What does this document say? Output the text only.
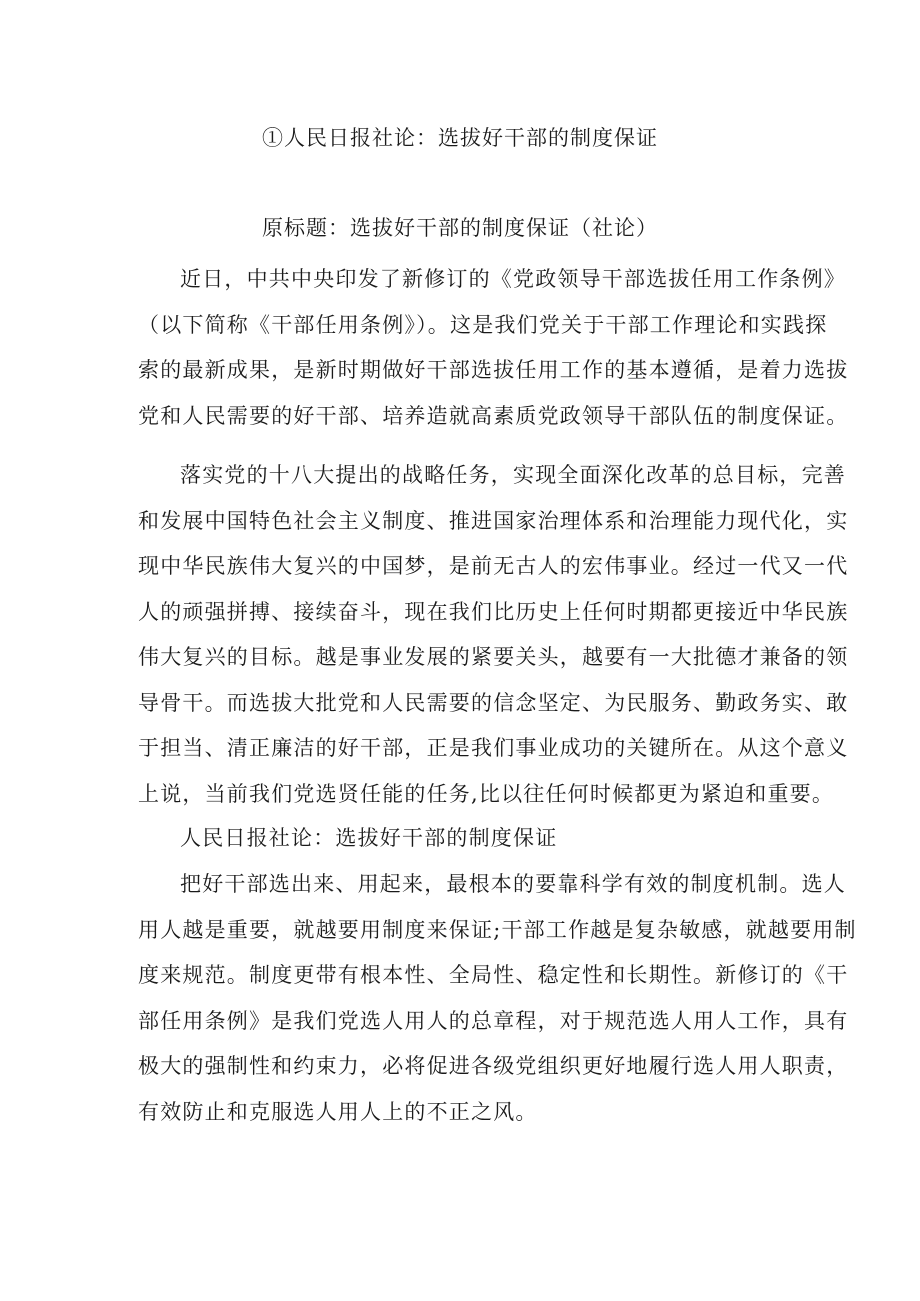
①人民日报社论：选拔好干部的制度保证
原标题：选拔好干部的制度保证（社论）
近日，中共中央印发了新修订的《党政领导干部选拔任用工作条例》
（以下简称《干部任用条例》）。这是我们党关于干部工作理论和实践探
索的最新成果，是新时期做好干部选拔任用工作的基本遵循，是着力选拔
党和人民需要的好干部、培养造就高素质党政领导干部队伍的制度保证。
落实党的十八大提出的战略任务，实现全面深化改革的总目标，完善
和发展中国特色社会主义制度、推进国家治理体系和治理能力现代化，实
现中华民族伟大复兴的中国梦，是前无古人的宏伟事业。经过一代又一代
人的顽强拼搏、接续奋斗，现在我们比历史上任何时期都更接近中华民族
伟大复兴的目标。越是事业发展的紧要关头，越要有一大批德才兼备的领
导骨干。而选拔大批党和人民需要的信念坚定、为民服务、勤政务实、敢
于担当、清正廉洁的好干部，正是我们事业成功的关键所在。从这个意义
上说，当前我们党选贤任能的任务,比以往任何时候都更为紧迫和重要。
人民日报社论：选拔好干部的制度保证
把好干部选出来、用起来，最根本的要靠科学有效的制度机制。选人
用人越是重要，就越要用制度来保证;干部工作越是复杂敏感，就越要用制
度来规范。制度更带有根本性、全局性、稳定性和长期性。新修订的《干
部任用条例》是我们党选人用人的总章程，对于规范选人用人工作，具有
极大的强制性和约束力，必将促进各级党组织更好地履行选人用人职责，
有效防止和克服选人用人上的不正之风。
